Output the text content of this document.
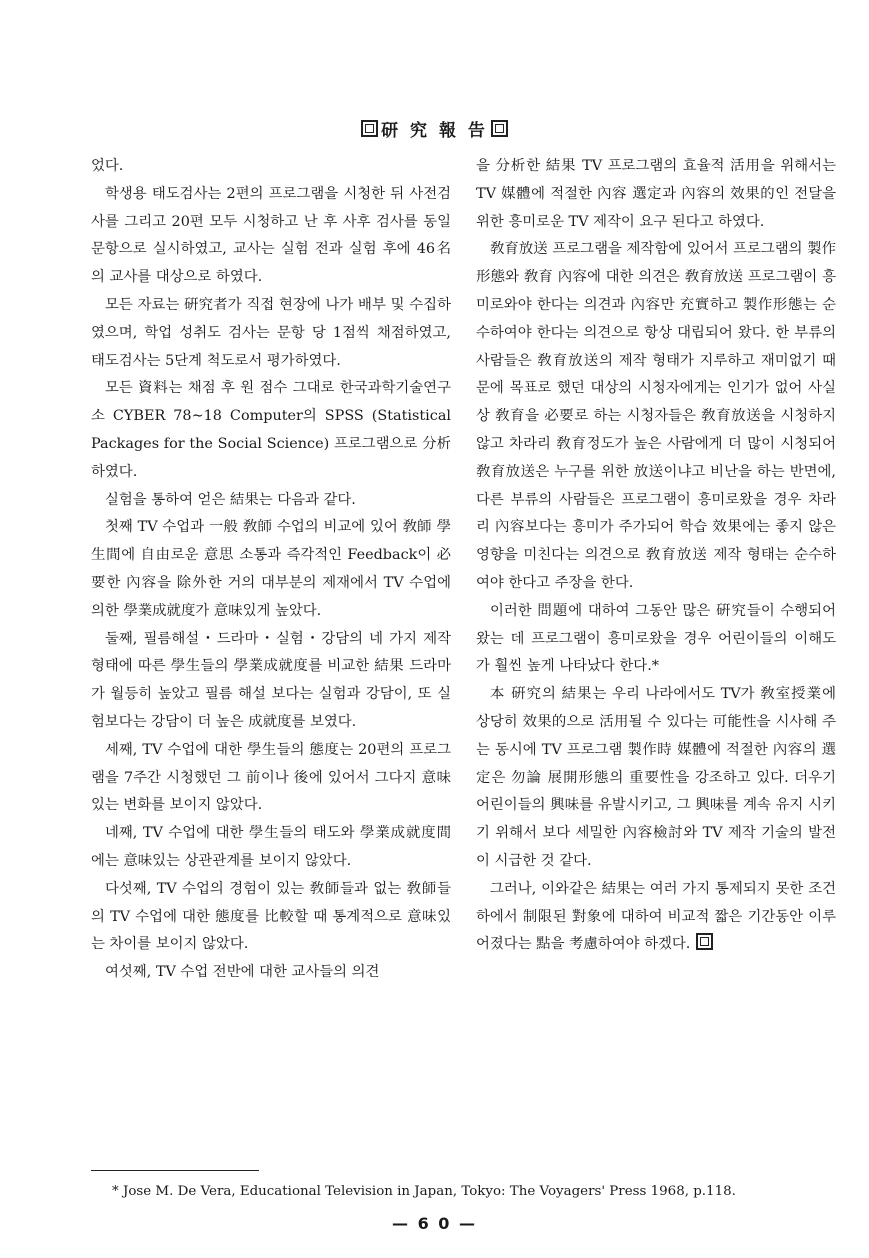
研 究 報 告

었다.

학생용 태도검사는 2편의 프로그램을 시청한 뒤 사전검사를 그리고 20편 모두 시청하고 난 후 사후 검사를 동일 문항으로 실시하였고, 교사는 실험 전과 실험 후에 46名의 교사를 대상으로 하였다.

모든 자료는 硏究者가 직접 현장에 나가 배부 및 수집하였으며, 학업 성취도 검사는 문항 당 1점씩 채점하였고, 태도검사는 5단계 척도로서 평가하였다.

모든 資料는 채점 후 원 점수 그대로 한국과학기술연구소 CYBER 78∼18 Computer의 SPSS (Statistical Packages for the Social Science) 프로그램으로 分析하였다.

실험을 통하여 얻은 結果는 다음과 같다.

첫째 TV 수업과 一般 敎師 수업의 비교에 있어 敎師 學生間에 自由로운 意思 소통과 즉각적인 Feedback이 必要한 內容을 除外한 거의 대부분의 제재에서 TV 수업에 의한 學業成就度가 意味있게 높았다.

둘째, 필름해설・드라마・실험・강담의 네 가지 제작 형태에 따른 學生들의 學業成就度를 비교한 結果 드라마가 월등히 높았고 필름 해설 보다는 실험과 강담이, 또 실험보다는 강담이 더 높은 成就度를 보였다.

세째, TV 수업에 대한 學生들의 態度는 20편의 프로그램을 7주간 시청했던 그 前이나 後에 있어서 그다지 意味있는 변화를 보이지 않았다.

네째, TV 수업에 대한 學生들의 태도와 學業成就度間에는 意味있는 상관관계를 보이지 않았다.

다섯째, TV 수업의 경험이 있는 敎師들과 없는 敎師들의 TV 수업에 대한 態度를 比較할 때 통계적으로 意味있는 차이를 보이지 않았다.

여섯째, TV 수업 전반에 대한 교사들의 의견

을 分析한 結果 TV 프로그램의 효율적 活用을 위해서는 TV 媒體에 적절한 內容 選定과 內容의 效果的인 전달을 위한 흥미로운 TV 제작이 요구 된다고 하였다.

敎育放送 프로그램을 제작함에 있어서 프로그램의 製作形態와 敎育 內容에 대한 의견은 敎育放送 프로그램이 흥미로와야 한다는 의견과 內容만 充實하고 製作形態는 순수하여야 한다는 의견으로 항상 대립되어 왔다. 한 부류의 사람들은 敎育放送의 제작 형태가 지루하고 재미없기 때문에 목표로 했던 대상의 시청자에게는 인기가 없어 사실상 敎育을 必要로 하는 시청자들은 敎育放送을 시청하지 않고 차라리 敎育정도가 높은 사람에게 더 많이 시청되어 敎育放送은 누구를 위한 放送이냐고 비난을 하는 반면에, 다른 부류의 사람들은 프로그램이 흥미로왔을 경우 차라리 內容보다는 흥미가 주가되어 학습 效果에는 좋지 않은 영향을 미친다는 의견으로 敎育放送 제작 형태는 순수하여야 한다고 주장을 한다.

이러한 問題에 대하여 그동안 많은 硏究들이 수행되어 왔는 데 프로그램이 흥미로왔을 경우 어린이들의 이해도가 훨씬 높게 나타났다 한다.*

本 硏究의 結果는 우리 나라에서도 TV가 敎室授業에 상당히 效果的으로 活用될 수 있다는 可能性을 시사해 주는 동시에 TV 프로그램 製作時 媒體에 적절한 內容의 選定은 勿論 展開形態의 重要性을 강조하고 있다. 더우기 어린이들의 興味를 유발시키고, 그 興味를 계속 유지 시키기 위해서 보다 세밀한 內容檢討와 TV 제작 기술의 발전이 시급한 것 같다.

그러나, 이와같은 結果는 여러 가지 통제되지 못한 조건하에서 制限된 對象에 대하여 비교적 짧은 기간동안 이루어졌다는 點을 考慮하여야 하겠다.

* Jose M. De Vera, Educational Television in Japan, Tokyo: The Voyagers' Press 1968, p.118.
— 6 0 —
